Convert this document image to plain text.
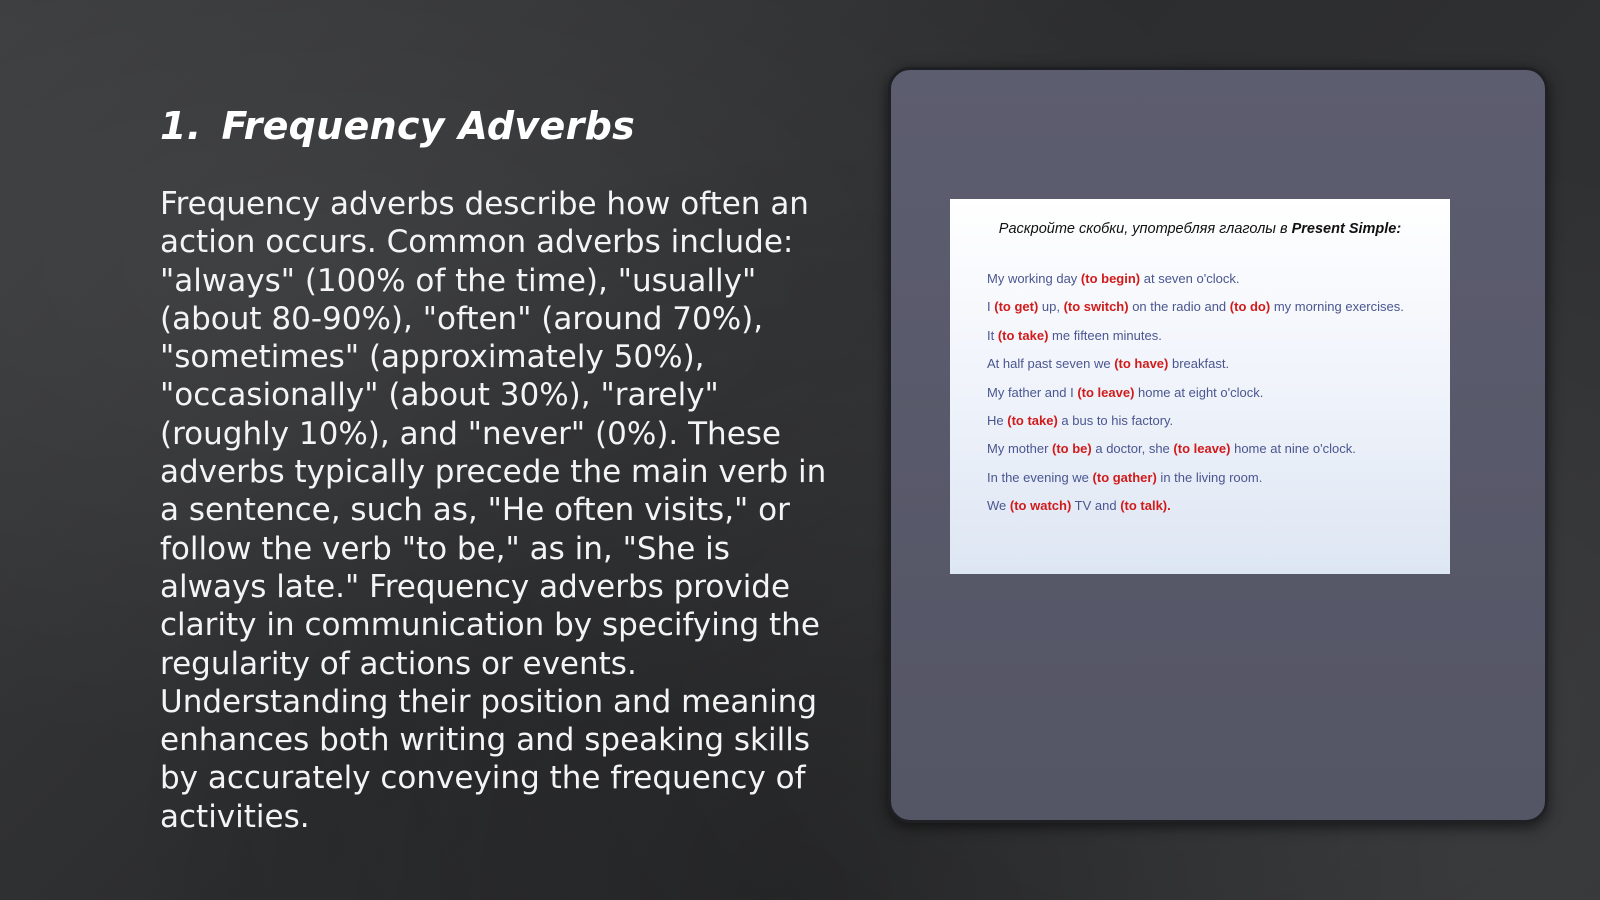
1. Frequency Adverbs

Frequency adverbs describe how often an action occurs. Common adverbs include: "always" (100% of the time), "usually" (about 80-90%), "often" (around 70%), "sometimes" (approximately 50%), "occasionally" (about 30%), "rarely" (roughly 10%), and "never" (0%). These adverbs typically precede the main verb in a sentence, such as, "He often visits," or follow the verb "to be," as in, "She is always late." Frequency adverbs provide clarity in communication by specifying the regularity of actions or events. Understanding their position and meaning enhances both writing and speaking skills by accurately conveying the frequency of activities.

Раскройте скобки, употребляя глаголы в Present Simple:

My working day (to begin) at seven o'clock.
I (to get) up, (to switch) on the radio and (to do) my morning exercises.
It (to take) me fifteen minutes.
At half past seven we (to have) breakfast.
My father and I (to leave) home at eight o'clock.
He (to take) a bus to his factory.
My mother (to be) a doctor, she (to leave) home at nine o'clock.
In the evening we (to gather) in the living room.
We (to watch) TV and (to talk).
